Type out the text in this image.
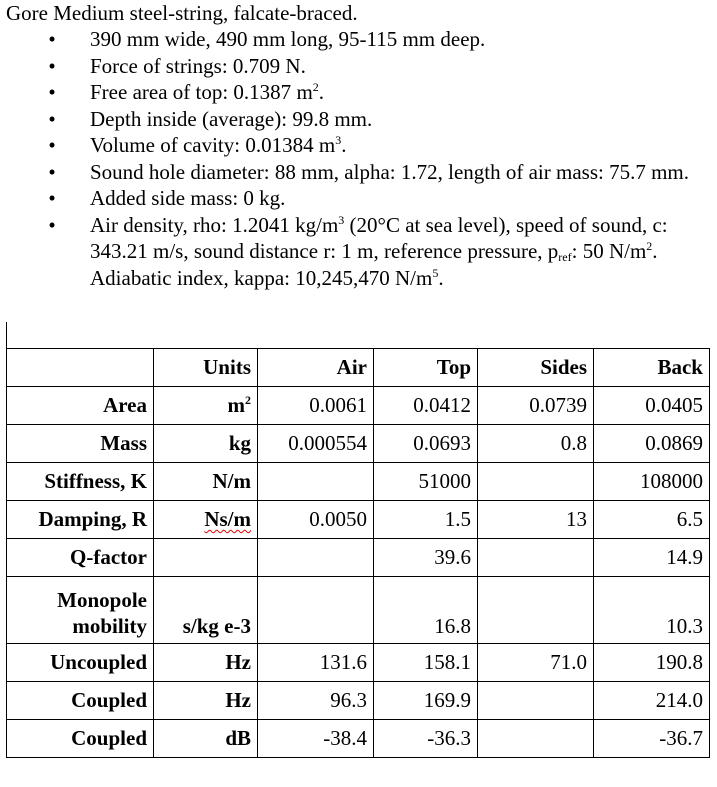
Gore Medium steel-string, falcate-braced.
• 390 mm wide, 490 mm long, 95-115 mm deep.
• Force of strings: 0.709 N.
• Free area of top: 0.1387 $m^2$.
• Depth inside (average): 99.8 mm.
• Volume of cavity: 0.01384 $m^3$.
• Sound hole diameter: 88 mm, alpha: 1.72, length of air mass: 75.7 mm.
• Added side mass: 0 kg.
• Air density, rho: 1.2041 $kg/m^3$ (20°C at sea level), speed of sound, c: 343.21 m/s, sound distance r: 1 m, reference pressure, $p_{ref}$: 50 $N/m^2$. Adiabatic index, kappa: 10,245,470 $N/m^5$.
	Units	Air	Top	Sides	Back
Area	$m^2$	0.0061	0.0412	0.0739	0.0405
Mass	kg	0.000554	0.0693	0.8	0.0869
Stiffness, K	N/m		51000		108000
Damping, R	Ns/m	0.0050	1.5	13	6.5
Q-factor			39.6		14.9
Monopole
mobility	s/kg e-3		16.8		10.3
Uncoupled	Hz	131.6	158.1	71.0	190.8
Coupled	Hz	96.3	169.9		214.0
Coupled	dB	-38.4	-36.3		-36.7
